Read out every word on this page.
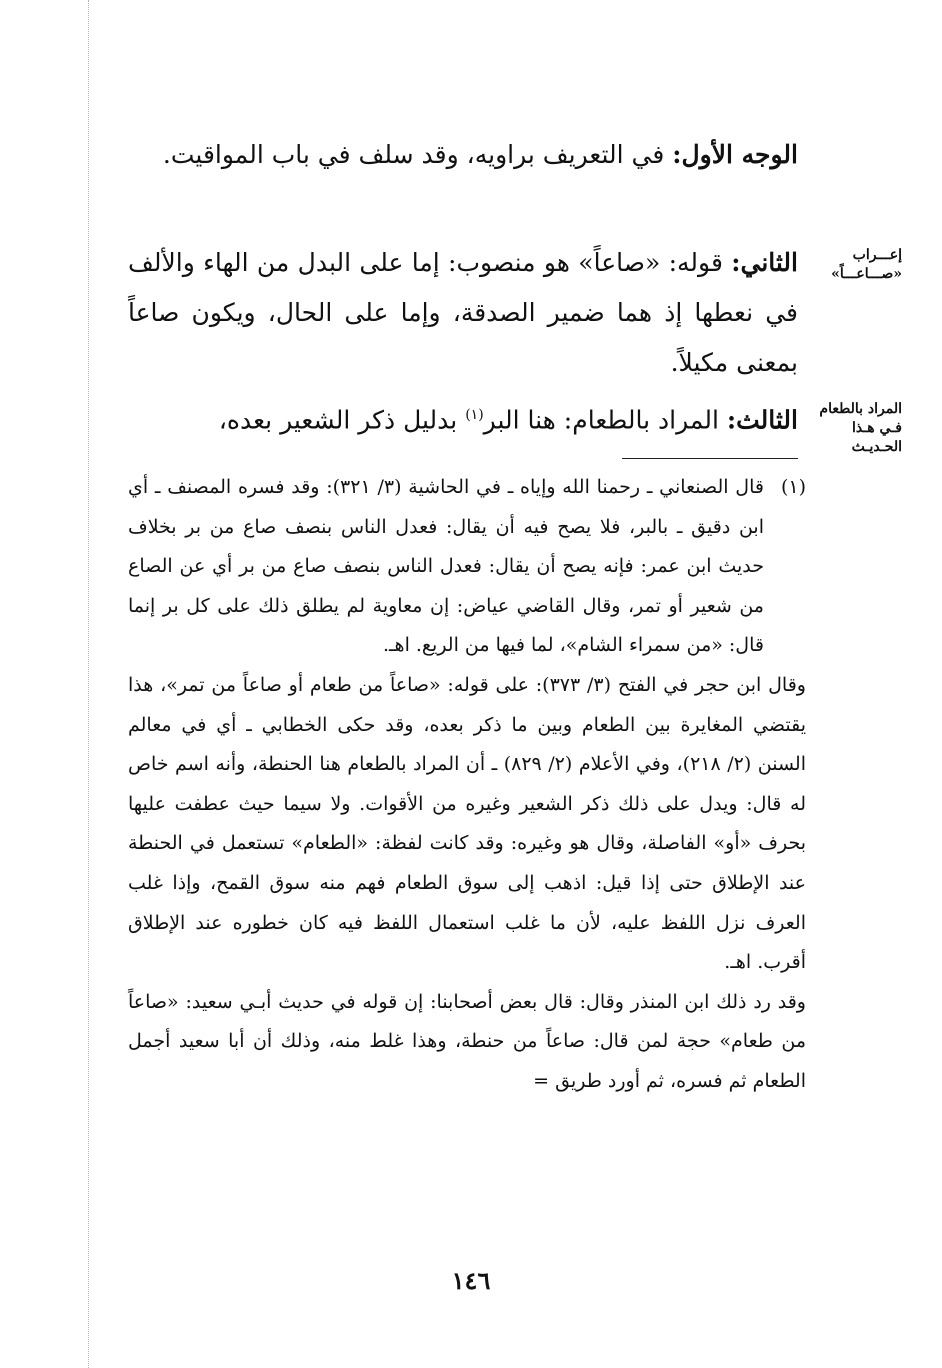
الوجه الأول: في التعريف براويه، وقد سلف في باب المواقيت.

الثاني: قوله: «صاعاً» هو منصوب: إما على البدل من الهاء والألف في نعطها إذ هما ضمير الصدقة، وإما على الحال، ويكون صاعاً بمعنى مكيلاً.

الثالث: المراد بالطعام: هنا البر$^{(١)}$ بدليل ذكر الشعير بعده،

إعـــراب «صـــاعـــاً»
المراد بالطعام فـي هـذا الحـديـث

(١)
قال الصنعاني ـ رحمنا الله وإياه ـ في الحاشية (٣/ ٣٢١): وقد فسره المصنف ـ أي ابن دقيق ـ بالبر، فلا يصح فيه أن يقال: فعدل الناس بنصف صاع من بر بخلاف حديث ابن عمر: فإنه يصح أن يقال: فعدل الناس بنصف صاع من بر أي عن الصاع من شعير أو تمر، وقال القاضي عياض: إن معاوية لم يطلق ذلك على كل بر إنما قال: «من سمراء الشام»، لما فيها من الريع. اهـ.

وقال ابن حجر في الفتح (٣/ ٣٧٣): على قوله: «صاعاً من طعام أو صاعاً من تمر»، هذا يقتضي المغايرة بين الطعام وبين ما ذكر بعده، وقد حكى الخطابي ـ أي في معالم السنن (٢/ ٢١٨)، وفي الأعلام (٢/ ٨٢٩) ـ أن المراد بالطعام هنا الحنطة، وأنه اسم خاص له قال: ويدل على ذلك ذكر الشعير وغيره من الأقوات. ولا سيما حيث عطفت عليها بحرف «أو» الفاصلة، وقال هو وغيره: وقد كانت لفظة: «الطعام» تستعمل في الحنطة عند الإطلاق حتى إذا قيل: اذهب إلى سوق الطعام فهم منه سوق القمح، وإذا غلب العرف نزل اللفظ عليه، لأن ما غلب استعمال اللفظ فيه كان خطوره عند الإطلاق أقرب. اهـ.

وقد رد ذلك ابن المنذر وقال: قال بعض أصحابنا: إن قوله في حديث أبـي سعيد: «صاعاً من طعام» حجة لمن قال: صاعاً من حنطة، وهذا غلط منه، وذلك أن أبا سعيد أجمل الطعام ثم فسره، ثم أورد طريق =

١٤٦
